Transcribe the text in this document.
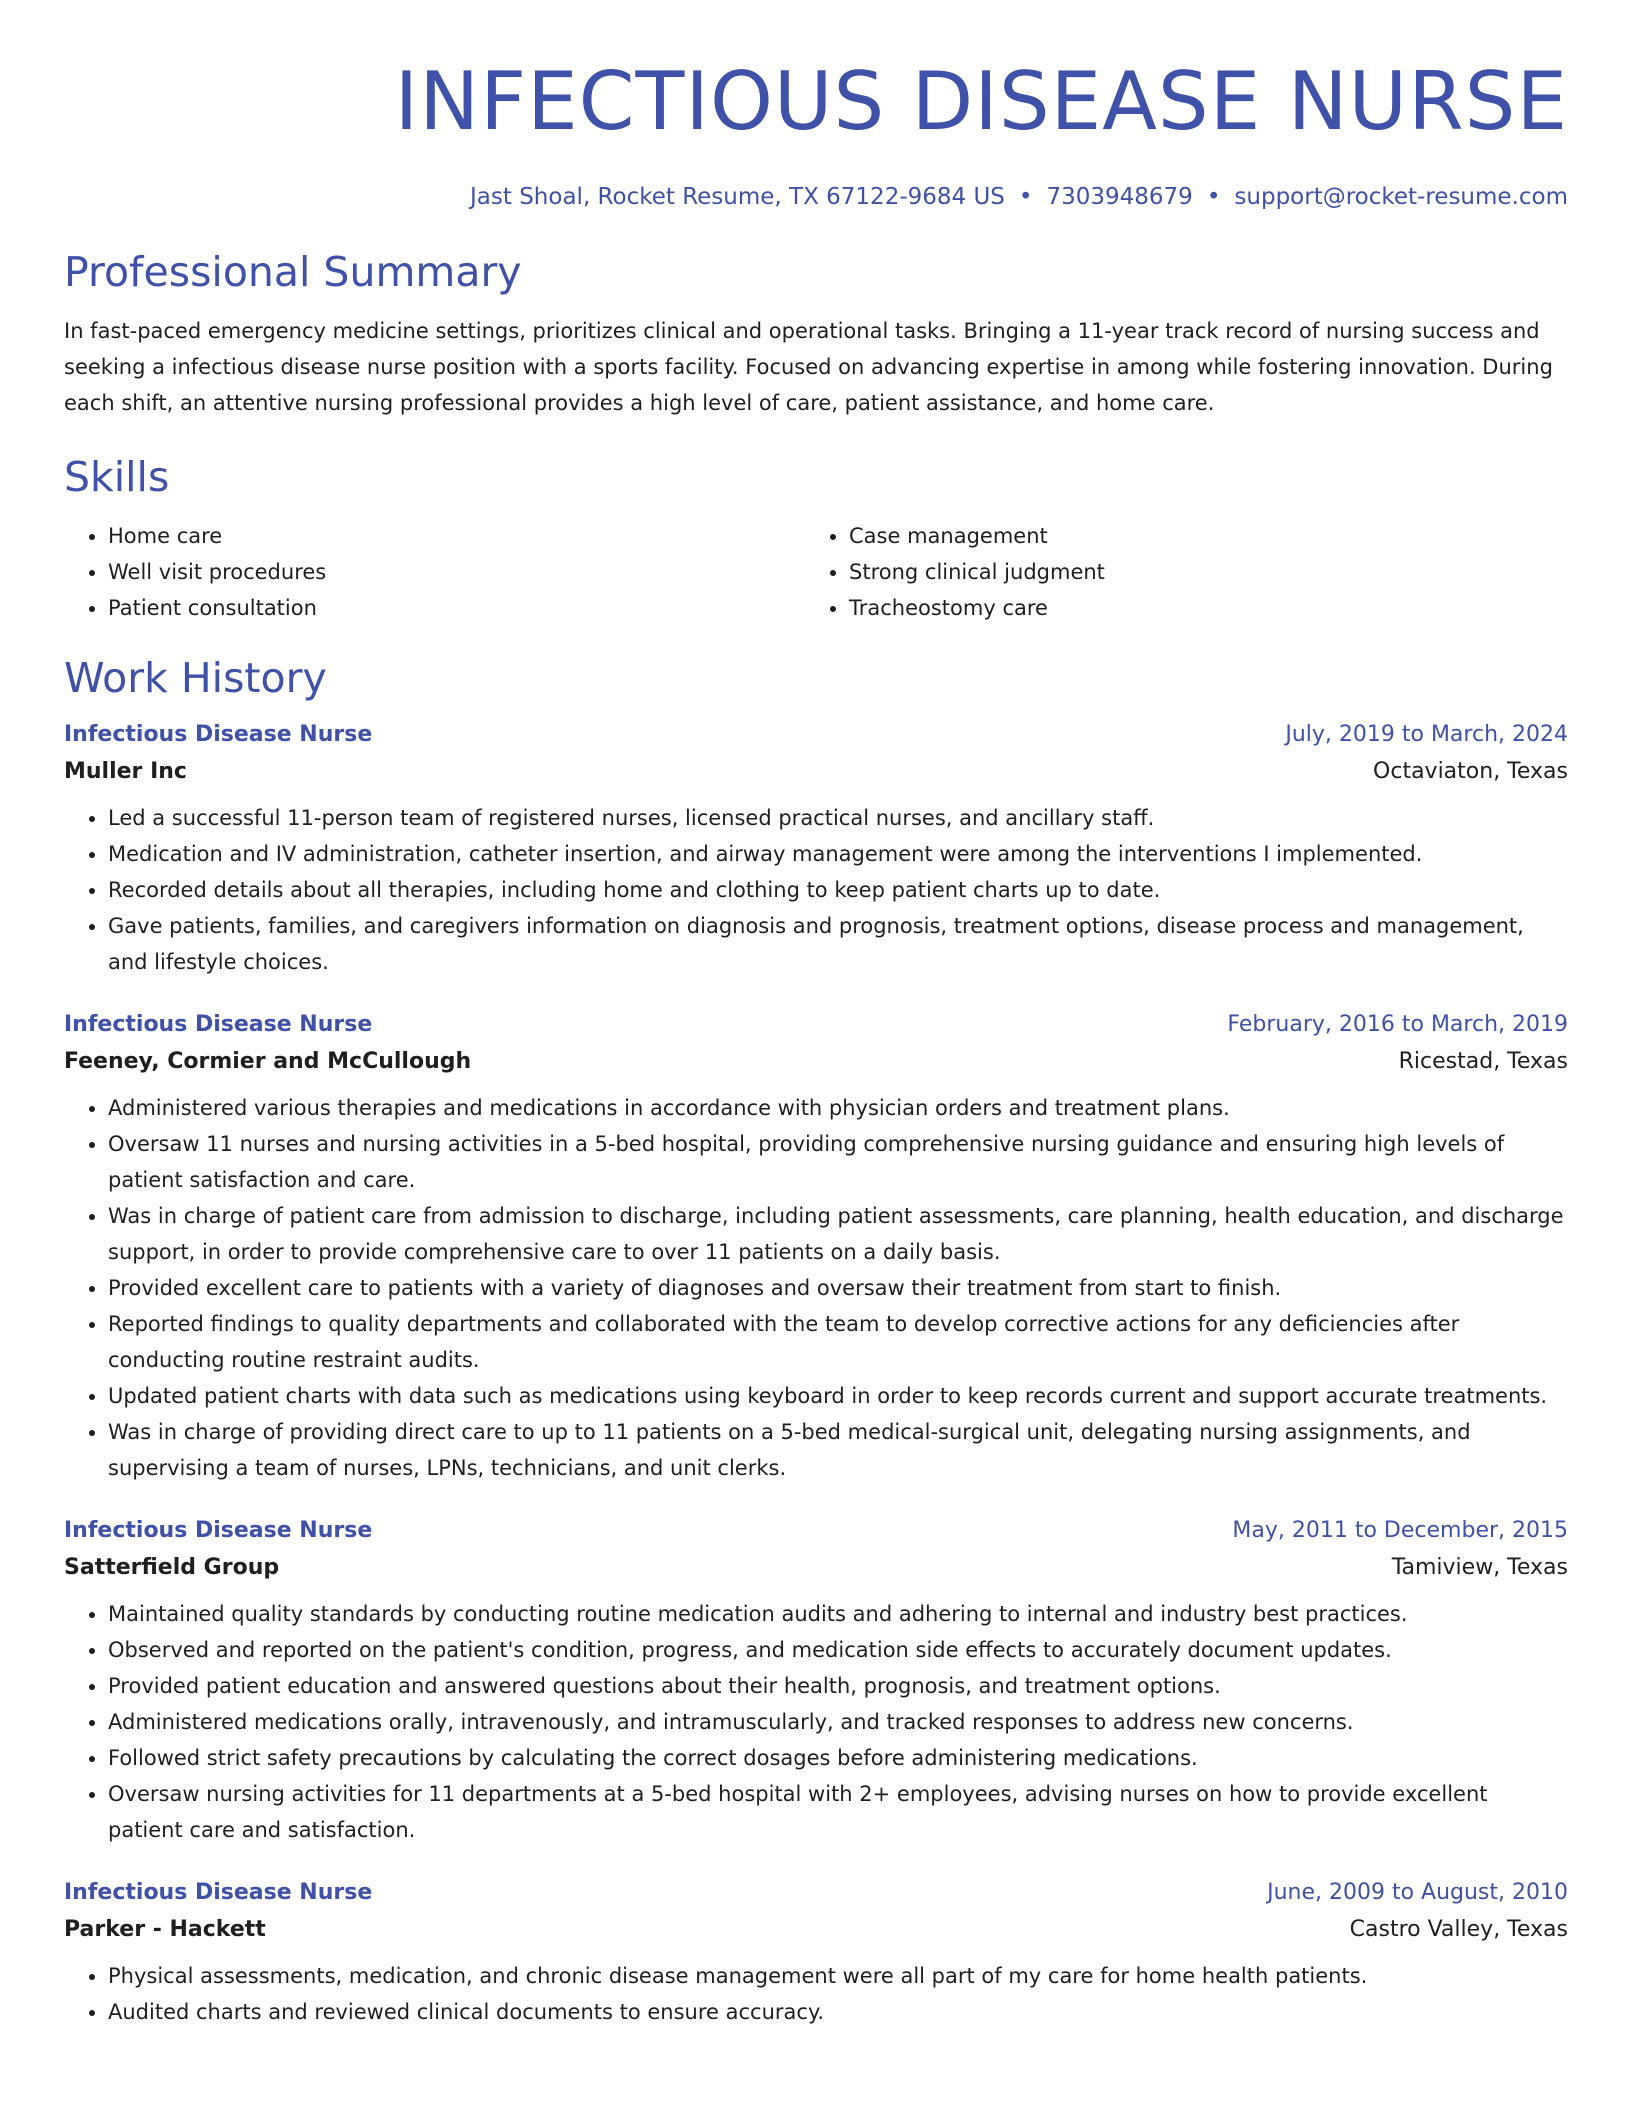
INFECTIOUS DISEASE NURSE
Jast Shoal, Rocket Resume, TX 67122-9684 US • 7303948679 • support@rocket-resume.com
Professional Summary

In fast-paced emergency medicine settings, prioritizes clinical and operational tasks. Bringing a 11-year track record of nursing success and seeking a infectious disease nurse position with a sports facility. Focused on advancing expertise in among while fostering innovation. During each shift, an attentive nursing professional provides a high level of care, patient assistance, and home care.

Skills
• Home care
• Well visit procedures
• Patient consultation
• Case management
• Strong clinical judgment
• Tracheostomy care
Work History
Infectious Disease Nurse	July, 2019 to March, 2024
Muller Inc	Octaviaton, Texas
• Led a successful 11-person team of registered nurses, licensed practical nurses, and ancillary staff.
• Medication and IV administration, catheter insertion, and airway management were among the interventions I implemented.
• Recorded details about all therapies, including home and clothing to keep patient charts up to date.
• Gave patients, families, and caregivers information on diagnosis and prognosis, treatment options, disease process and management, and lifestyle choices.
Infectious Disease Nurse	February, 2016 to March, 2019
Feeney, Cormier and McCullough	Ricestad, Texas
• Administered various therapies and medications in accordance with physician orders and treatment plans.
• Oversaw 11 nurses and nursing activities in a 5-bed hospital, providing comprehensive nursing guidance and ensuring high levels of patient satisfaction and care.
• Was in charge of patient care from admission to discharge, including patient assessments, care planning, health education, and discharge support, in order to provide comprehensive care to over 11 patients on a daily basis.
• Provided excellent care to patients with a variety of diagnoses and oversaw their treatment from start to finish.
• Reported findings to quality departments and collaborated with the team to develop corrective actions for any deficiencies after conducting routine restraint audits.
• Updated patient charts with data such as medications using keyboard in order to keep records current and support accurate treatments.
• Was in charge of providing direct care to up to 11 patients on a 5-bed medical-surgical unit, delegating nursing assignments, and supervising a team of nurses, LPNs, technicians, and unit clerks.
Infectious Disease Nurse	May, 2011 to December, 2015
Satterfield Group	Tamiview, Texas
• Maintained quality standards by conducting routine medication audits and adhering to internal and industry best practices.
• Observed and reported on the patient's condition, progress, and medication side effects to accurately document updates.
• Provided patient education and answered questions about their health, prognosis, and treatment options.
• Administered medications orally, intravenously, and intramuscularly, and tracked responses to address new concerns.
• Followed strict safety precautions by calculating the correct dosages before administering medications.
• Oversaw nursing activities for 11 departments at a 5-bed hospital with 2+ employees, advising nurses on how to provide excellent patient care and satisfaction.
Infectious Disease Nurse	June, 2009 to August, 2010
Parker - Hackett	Castro Valley, Texas
• Physical assessments, medication, and chronic disease management were all part of my care for home health patients.
• Audited charts and reviewed clinical documents to ensure accuracy.
